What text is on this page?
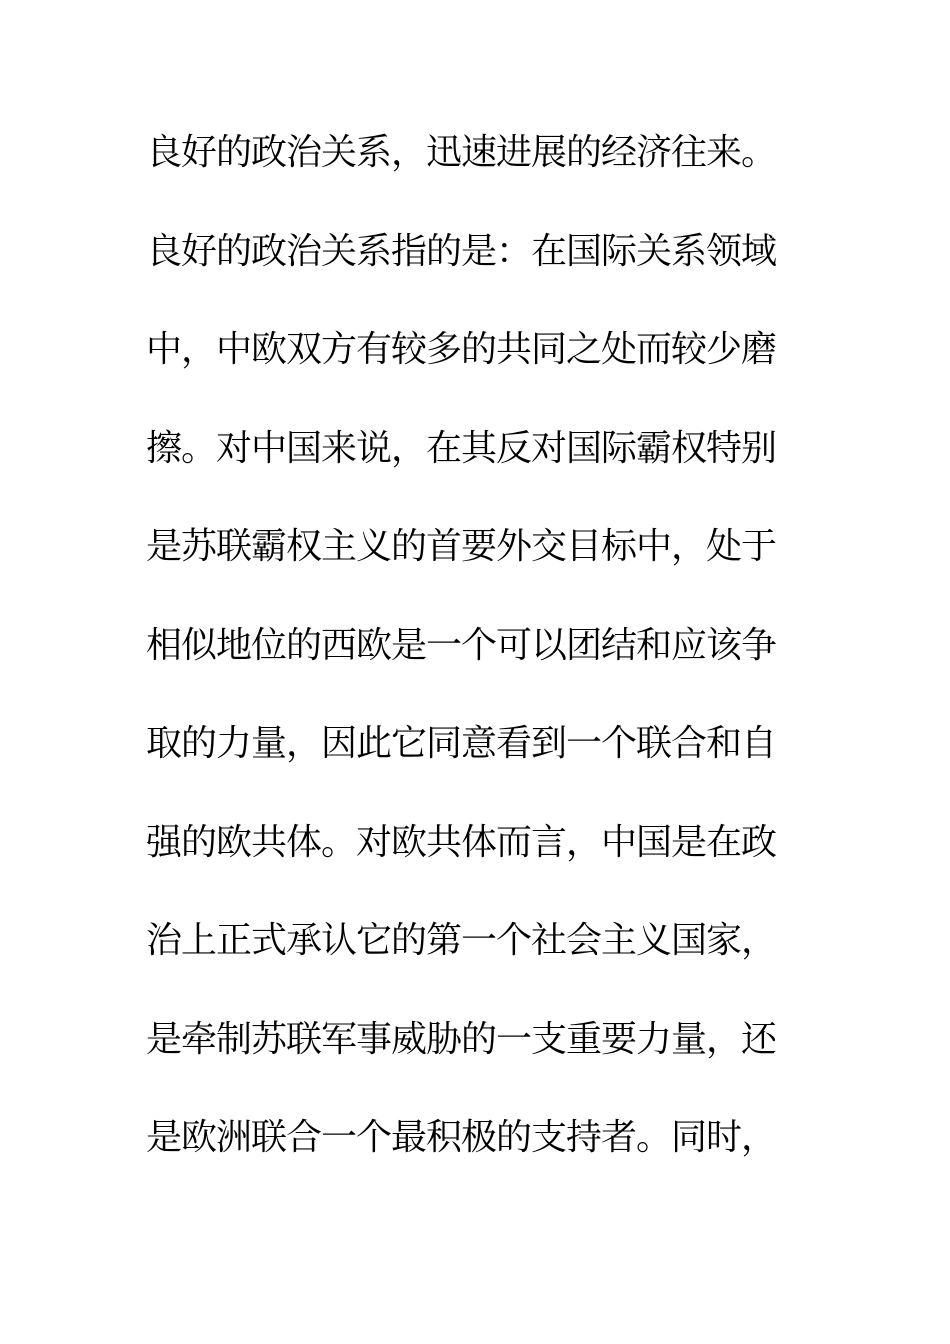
良好的政治关系，迅速进展的经济往来。
良好的政治关系指的是：在国际关系领域
中，中欧双方有较多的共同之处而较少磨
擦。对中国来说，在其反对国际霸权特别
是苏联霸权主义的首要外交目标中，处于
相似地位的西欧是一个可以团结和应该争
取的力量，因此它同意看到一个联合和自
强的欧共体。对欧共体而言，中国是在政
治上正式承认它的第一个社会主义国家，
是牵制苏联军事威胁的一支重要力量，还
是欧洲联合一个最积极的支持者。同时，
